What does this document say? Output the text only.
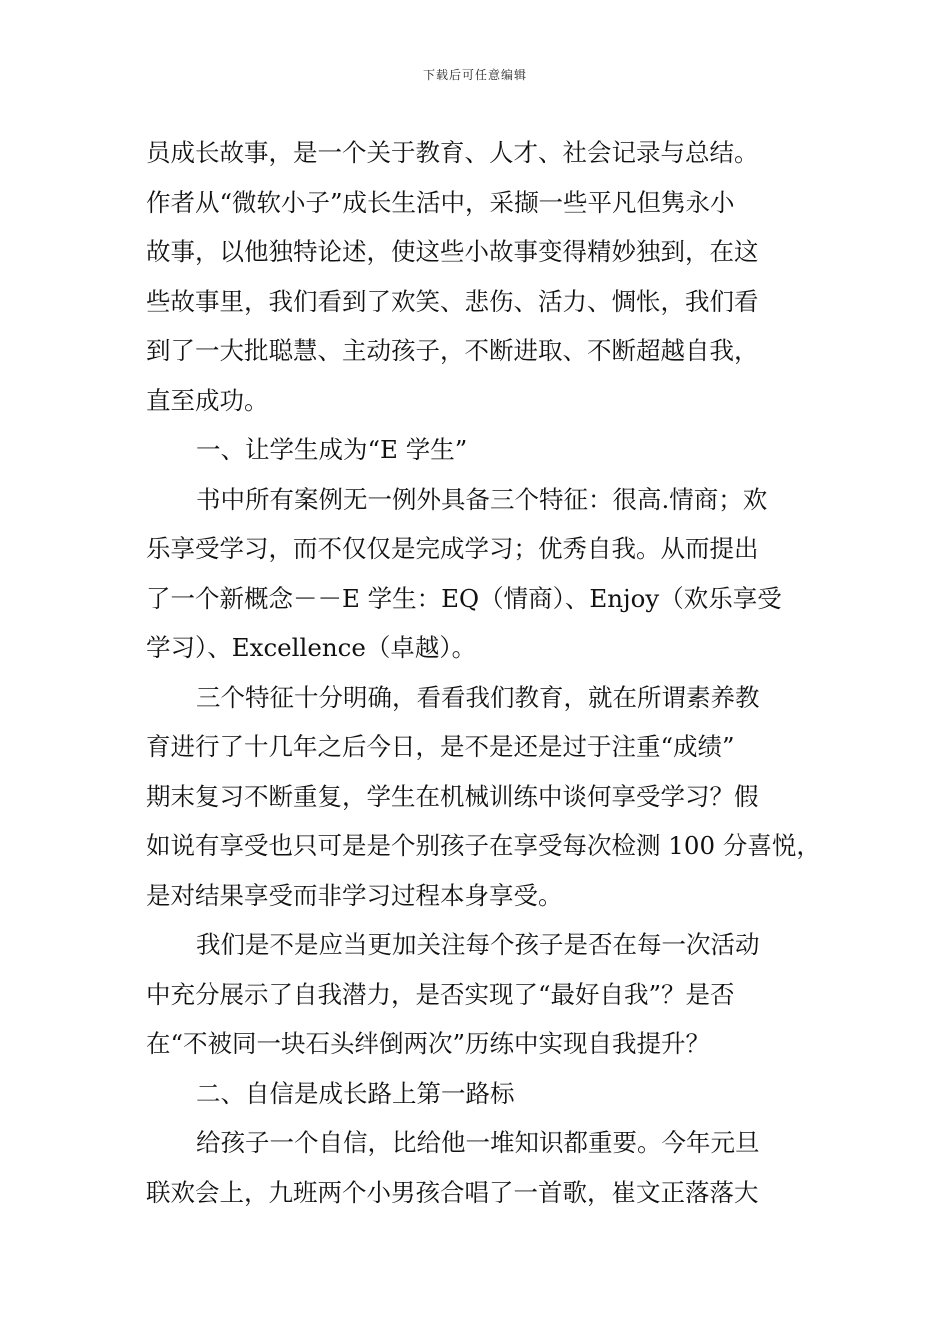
下载后可任意编辑
员成长故事，是一个关于教育、人才、社会记录与总结。
作者从“微软小子”成长生活中，采撷一些平凡但隽永小
故事，以他独特论述，使这些小故事变得精妙独到，在这
些故事里，我们看到了欢笑、悲伤、活力、惆怅，我们看
到了一大批聪慧、主动孩子，不断进取、不断超越自我，
直至成功。
一、让学生成为“E 学生”
书中所有案例无一例外具备三个特征：很高.情商；欢
乐享受学习，而不仅仅是完成学习；优秀自我。从而提出
了一个新概念－－E 学生：EQ（情商）、Enjoy（欢乐享受
学习）、Excellence（卓越）。
三个特征十分明确，看看我们教育，就在所谓素养教
育进行了十几年之后今日，是不是还是过于注重“成绩”
期末复习不断重复，学生在机械训练中谈何享受学习？假
如说有享受也只可是是个别孩子在享受每次检测 100 分喜悦，
是对结果享受而非学习过程本身享受。
我们是不是应当更加关注每个孩子是否在每一次活动
中充分展示了自我潜力，是否实现了“最好自我”？是否
在“不被同一块石头绊倒两次”历练中实现自我提升？
二、自信是成长路上第一路标
给孩子一个自信，比给他一堆知识都重要。今年元旦
联欢会上，九班两个小男孩合唱了一首歌，崔文正落落大
